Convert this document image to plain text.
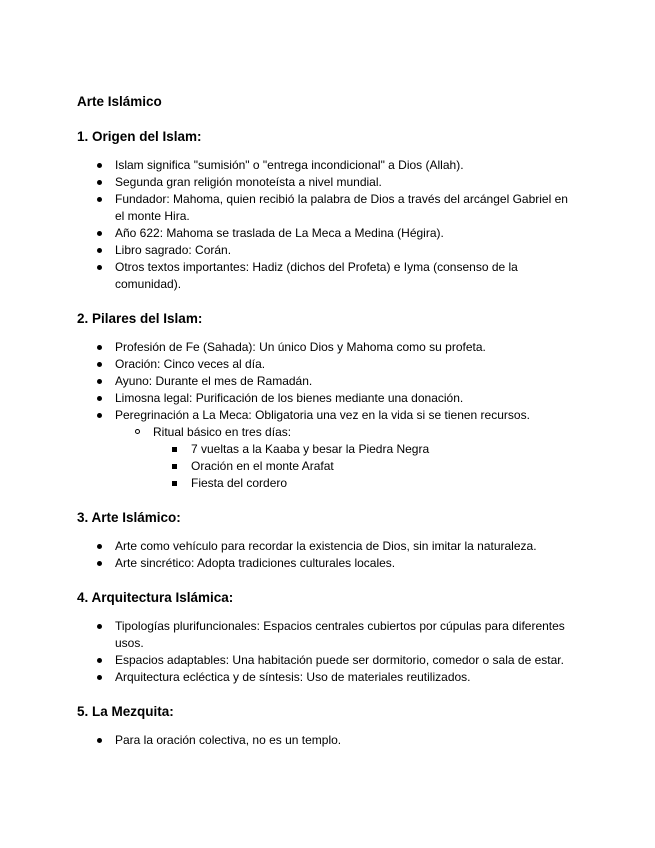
Arte Islámico
1. Origen del Islam:
Islam significa "sumisión" o "entrega incondicional" a Dios (Allah).
Segunda gran religión monoteísta a nivel mundial.
Fundador: Mahoma, quien recibió la palabra de Dios a través del arcángel Gabriel en el monte Hira.
Año 622: Mahoma se traslada de La Meca a Medina (Hégira).
Libro sagrado: Corán.
Otros textos importantes: Hadiz (dichos del Profeta) e Iyma (consenso de la comunidad).
2. Pilares del Islam:
Profesión de Fe (Sahada): Un único Dios y Mahoma como su profeta.
Oración: Cinco veces al día.
Ayuno: Durante el mes de Ramadán.
Limosna legal: Purificación de los bienes mediante una donación.
Peregrinación a La Meca: Obligatoria una vez en la vida si se tienen recursos.
Ritual básico en tres días:
7 vueltas a la Kaaba y besar la Piedra Negra
Oración en el monte Arafat
Fiesta del cordero
3. Arte Islámico:
Arte como vehículo para recordar la existencia de Dios, sin imitar la naturaleza.
Arte sincrético: Adopta tradiciones culturales locales.
4. Arquitectura Islámica:
Tipologías plurifuncionales: Espacios centrales cubiertos por cúpulas para diferentes usos.
Espacios adaptables: Una habitación puede ser dormitorio, comedor o sala de estar.
Arquitectura ecléctica y de síntesis: Uso de materiales reutilizados.
5. La Mezquita:
Para la oración colectiva, no es un templo.
